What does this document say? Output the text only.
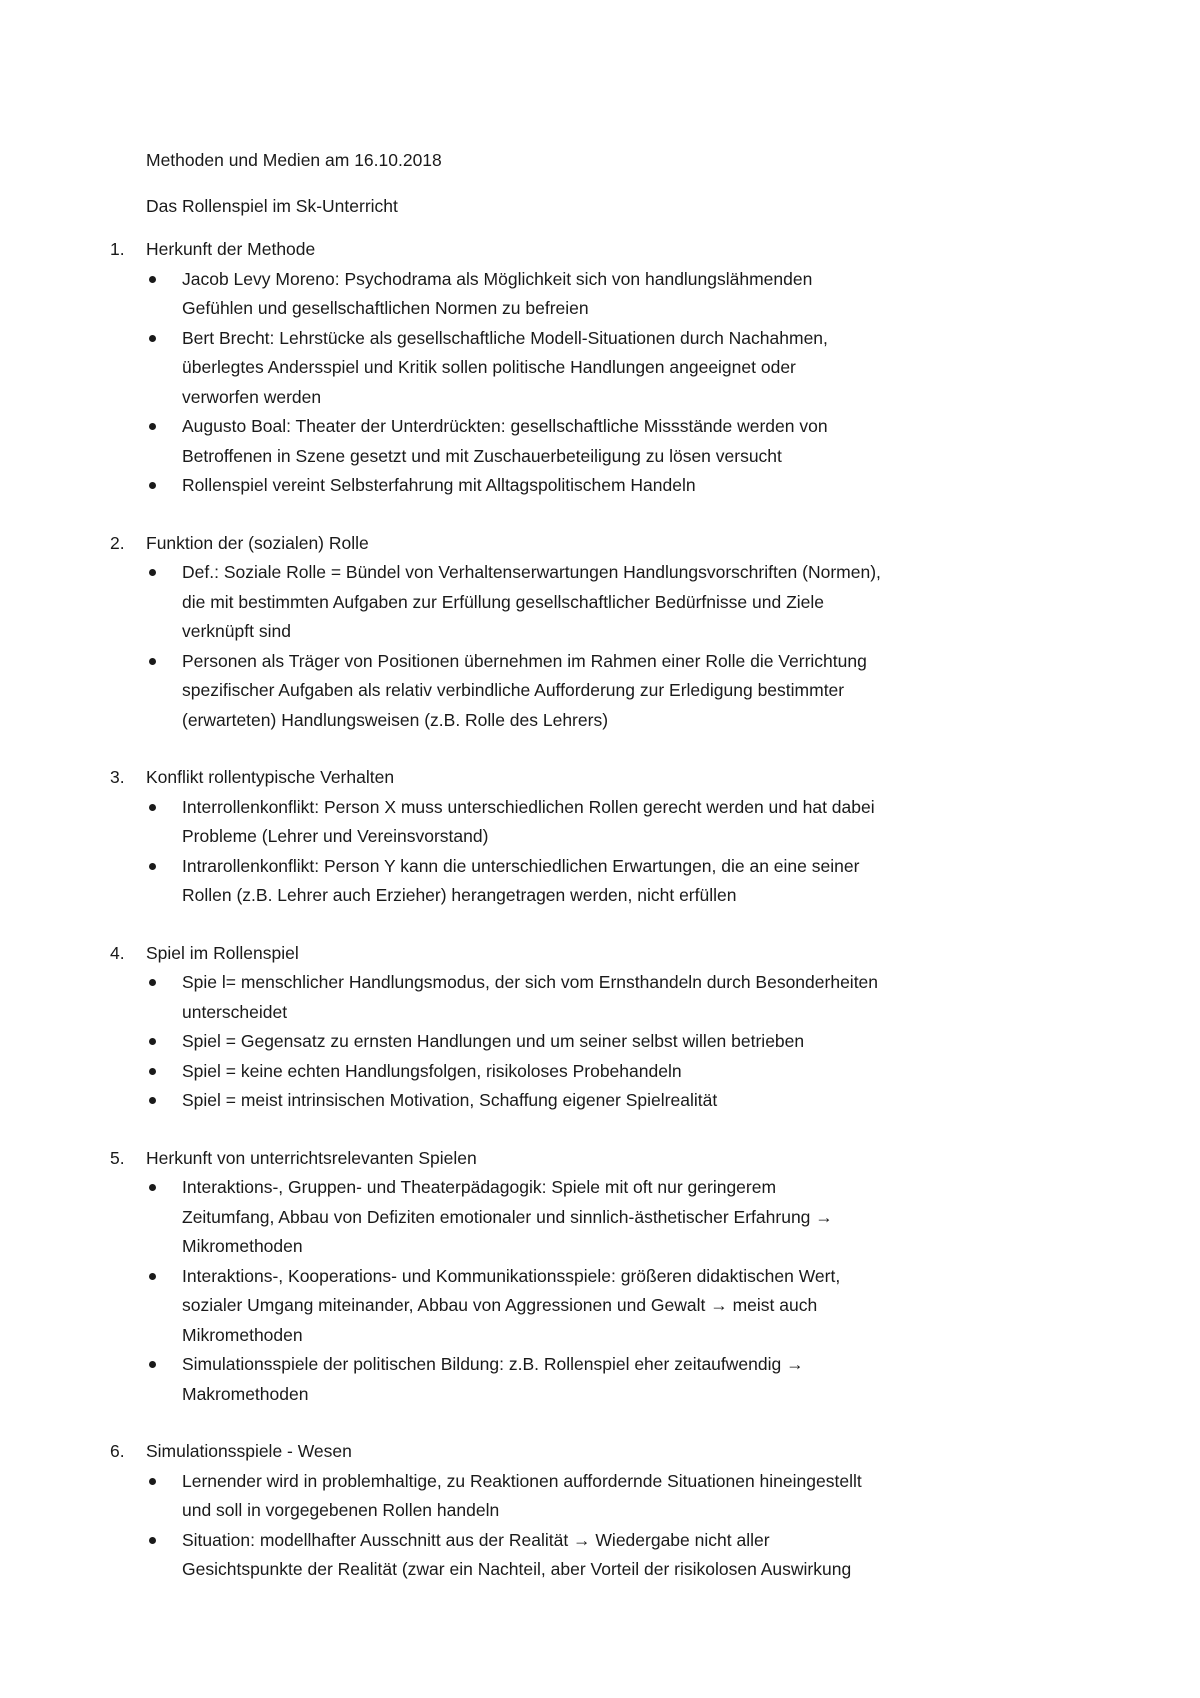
Methoden und Medien am 16.10.2018

Das Rollenspiel im Sk-Unterricht

1. Herkunft der Methode
Jacob Levy Moreno: Psychodrama als Möglichkeit sich von handlungslähmenden
Gefühlen und gesellschaftlichen Normen zu befreien
Bert Brecht: Lehrstücke als gesellschaftliche Modell-Situationen durch Nachahmen,
überlegtes Andersspiel und Kritik sollen politische Handlungen angeeignet oder
verworfen werden
Augusto Boal: Theater der Unterdrückten: gesellschaftliche Missstände werden von
Betroffenen in Szene gesetzt und mit Zuschauerbeteiligung zu lösen versucht
Rollenspiel vereint Selbsterfahrung mit Alltagspolitischem Handeln
2. Funktion der (sozialen) Rolle
Def.: Soziale Rolle = Bündel von Verhaltenserwartungen Handlungsvorschriften (Normen),
die mit bestimmten Aufgaben zur Erfüllung gesellschaftlicher Bedürfnisse und Ziele
verknüpft sind
Personen als Träger von Positionen übernehmen im Rahmen einer Rolle die Verrichtung
spezifischer Aufgaben als relativ verbindliche Aufforderung zur Erledigung bestimmter
(erwarteten) Handlungsweisen (z.B. Rolle des Lehrers)
3. Konflikt rollentypische Verhalten
Interrollenkonflikt: Person X muss unterschiedlichen Rollen gerecht werden und hat dabei
Probleme (Lehrer und Vereinsvorstand)
Intrarollenkonflikt: Person Y kann die unterschiedlichen Erwartungen, die an eine seiner
Rollen (z.B. Lehrer auch Erzieher) herangetragen werden, nicht erfüllen
4. Spiel im Rollenspiel
Spie l= menschlicher Handlungsmodus, der sich vom Ernsthandeln durch Besonderheiten
unterscheidet
Spiel = Gegensatz zu ernsten Handlungen und um seiner selbst willen betrieben
Spiel = keine echten Handlungsfolgen, risikoloses Probehandeln
Spiel = meist intrinsischen Motivation, Schaffung eigener Spielrealität
5. Herkunft von unterrichtsrelevanten Spielen
Interaktions-, Gruppen- und Theaterpädagogik: Spiele mit oft nur geringerem
Zeitumfang, Abbau von Defiziten emotionaler und sinnlich-ästhetischer Erfahrung →
Mikromethoden
Interaktions-, Kooperations- und Kommunikationsspiele: größeren didaktischen Wert,
sozialer Umgang miteinander, Abbau von Aggressionen und Gewalt → meist auch
Mikromethoden
Simulationsspiele der politischen Bildung: z.B. Rollenspiel eher zeitaufwendig →
Makromethoden
6. Simulationsspiele - Wesen
Lernender wird in problemhaltige, zu Reaktionen auffordernde Situationen hineingestellt
und soll in vorgegebenen Rollen handeln
Situation: modellhafter Ausschnitt aus der Realität → Wiedergabe nicht aller
Gesichtspunkte der Realität (zwar ein Nachteil, aber Vorteil der risikolosen Auswirkung
